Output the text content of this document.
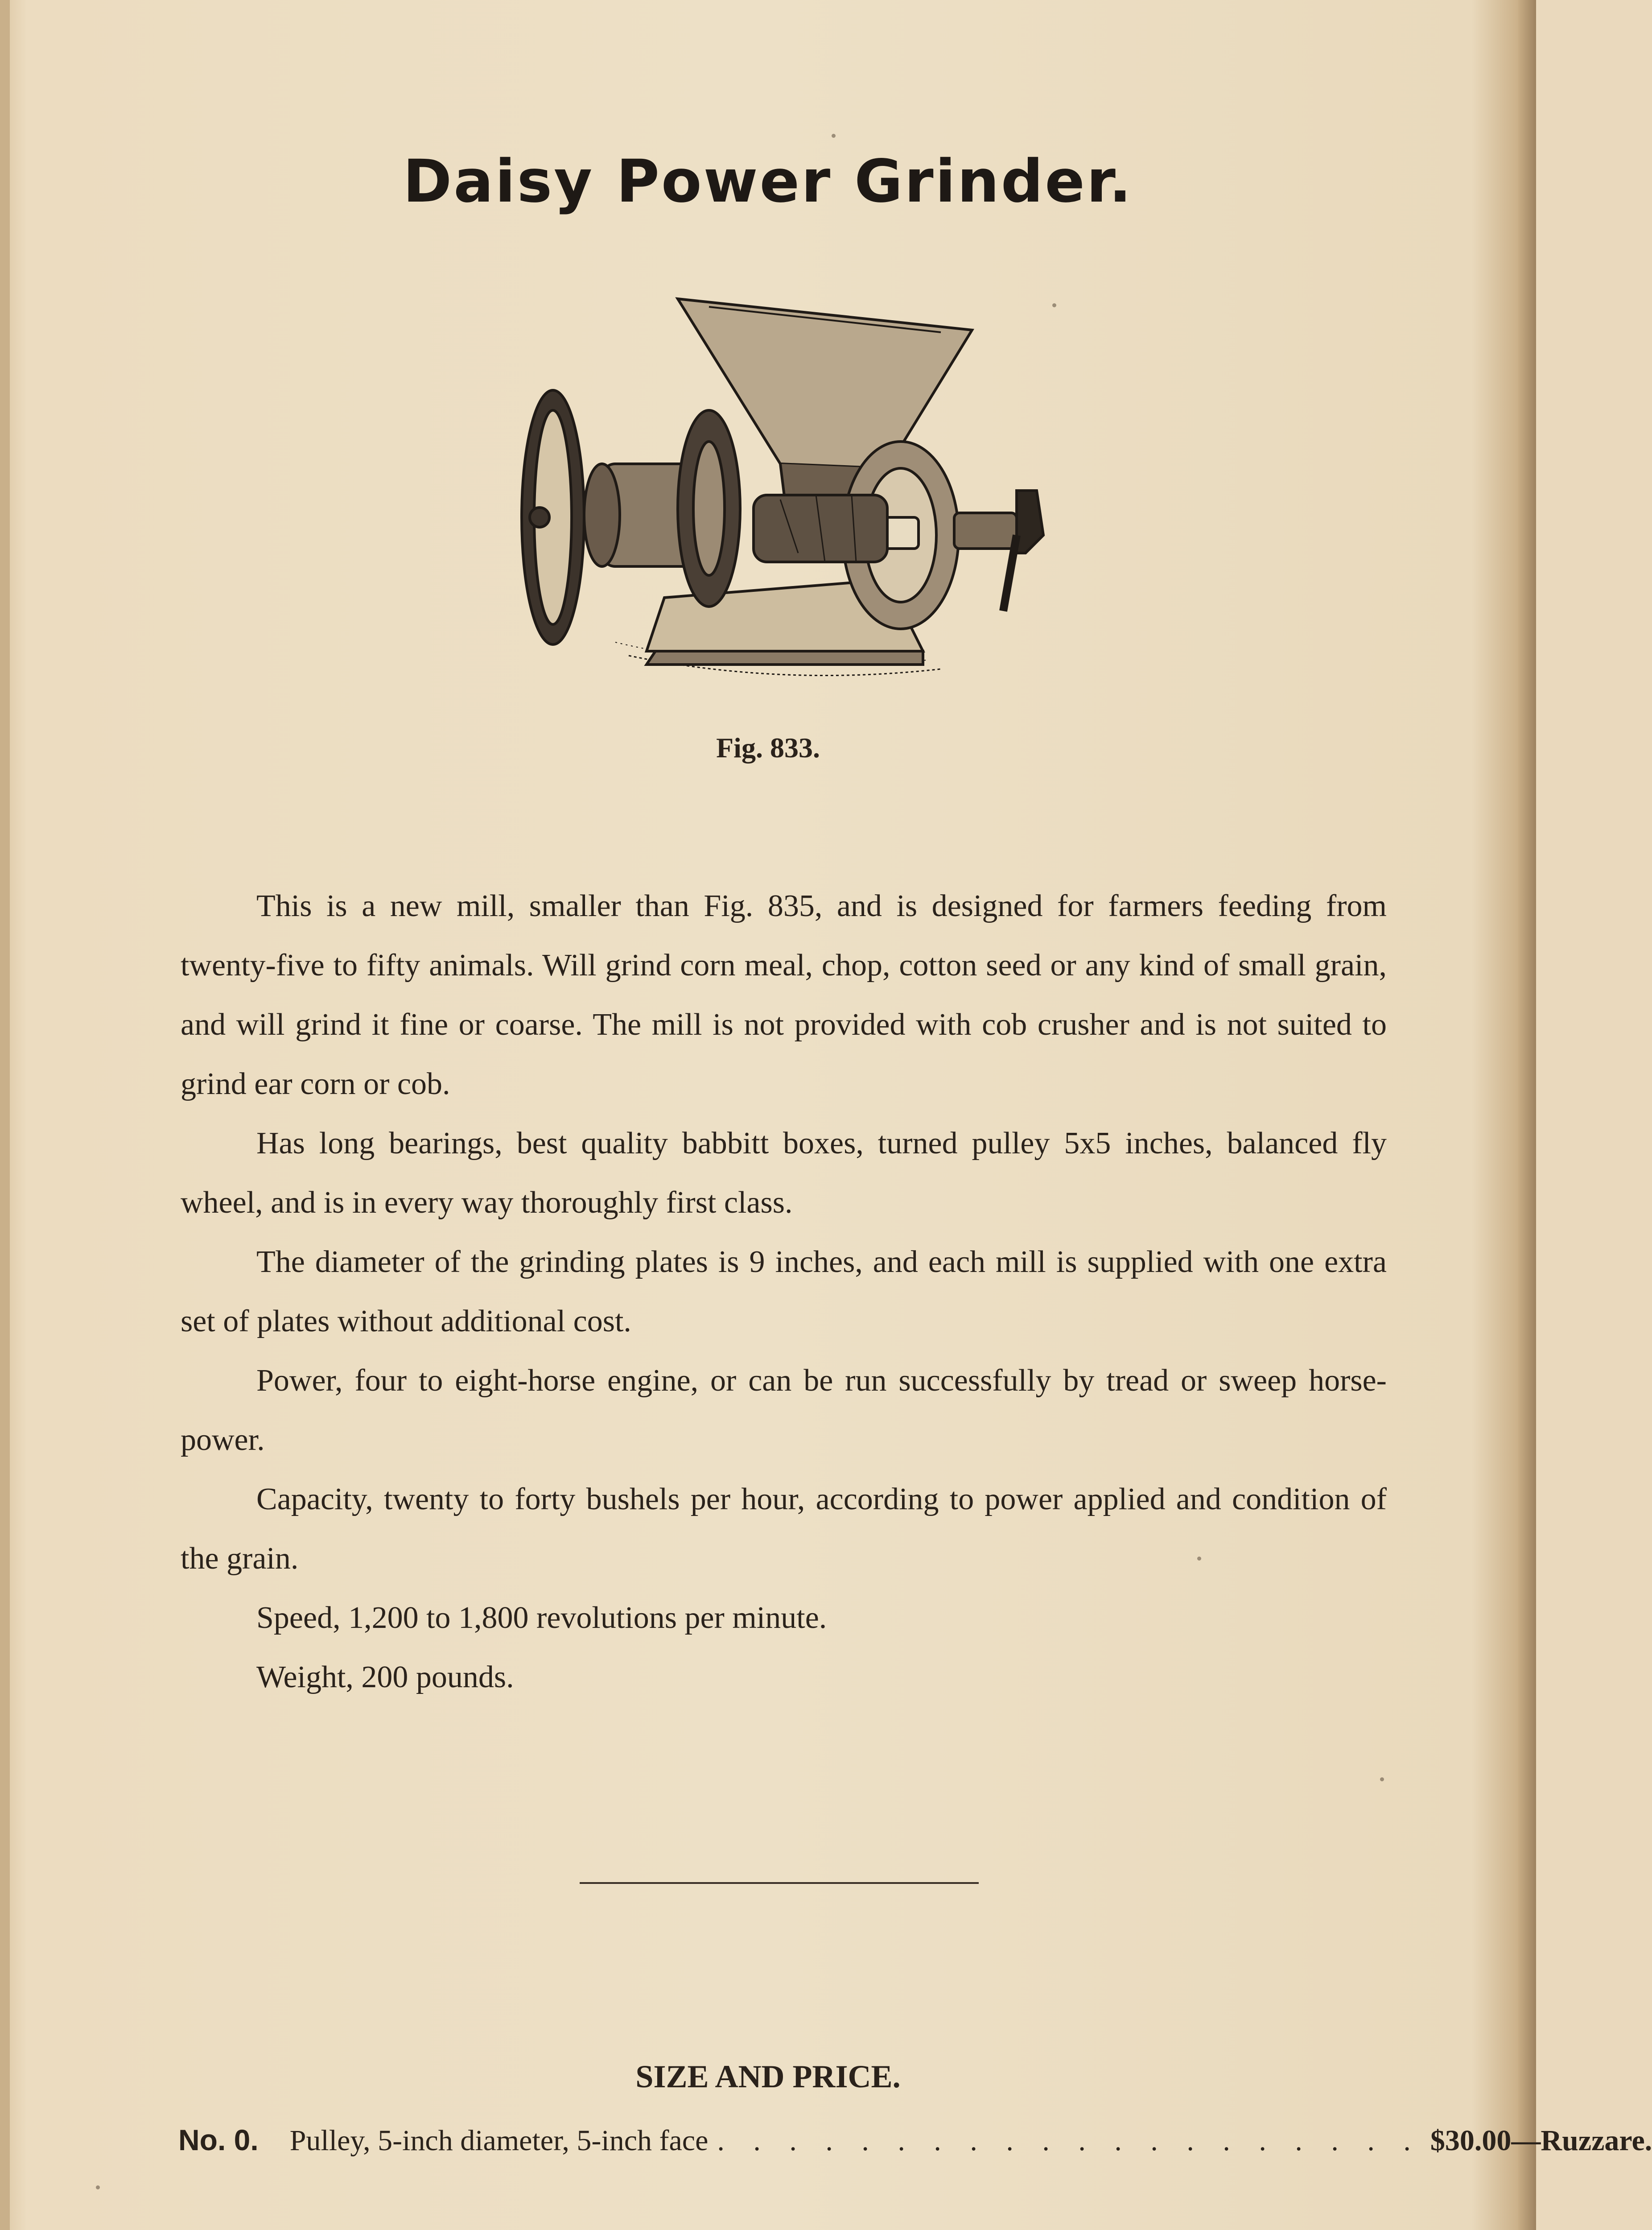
Daisy Power Grinder.
Fig. 833.

This is a new mill, smaller than Fig. 835, and is designed for farmers feeding from twenty-five to fifty animals. Will grind corn meal, chop, cotton seed or any kind of small grain, and will grind it fine or coarse. The mill is not provided with cob crusher and is not suited to grind ear corn or cob.

Has long bearings, best quality babbitt boxes, turned pulley 5x5 inches, balanced fly wheel, and is in every way thoroughly first class.

The diameter of the grinding plates is 9 inches, and each mill is supplied with one extra set of plates without additional cost.

Power, four to eight-horse engine, or can be run successfully by tread or sweep horse-power.

Capacity, twenty to forty bushels per hour, according to power applied and condition of the grain.

Speed, 1,200 to 1,800 revolutions per minute.

Weight, 200 pounds.

SIZE AND PRICE.
No. 0. Pulley, 5-inch diameter, 5-inch face . . . . . . . . . . . . . . . . . . . . $30.00—Ruzzare.
